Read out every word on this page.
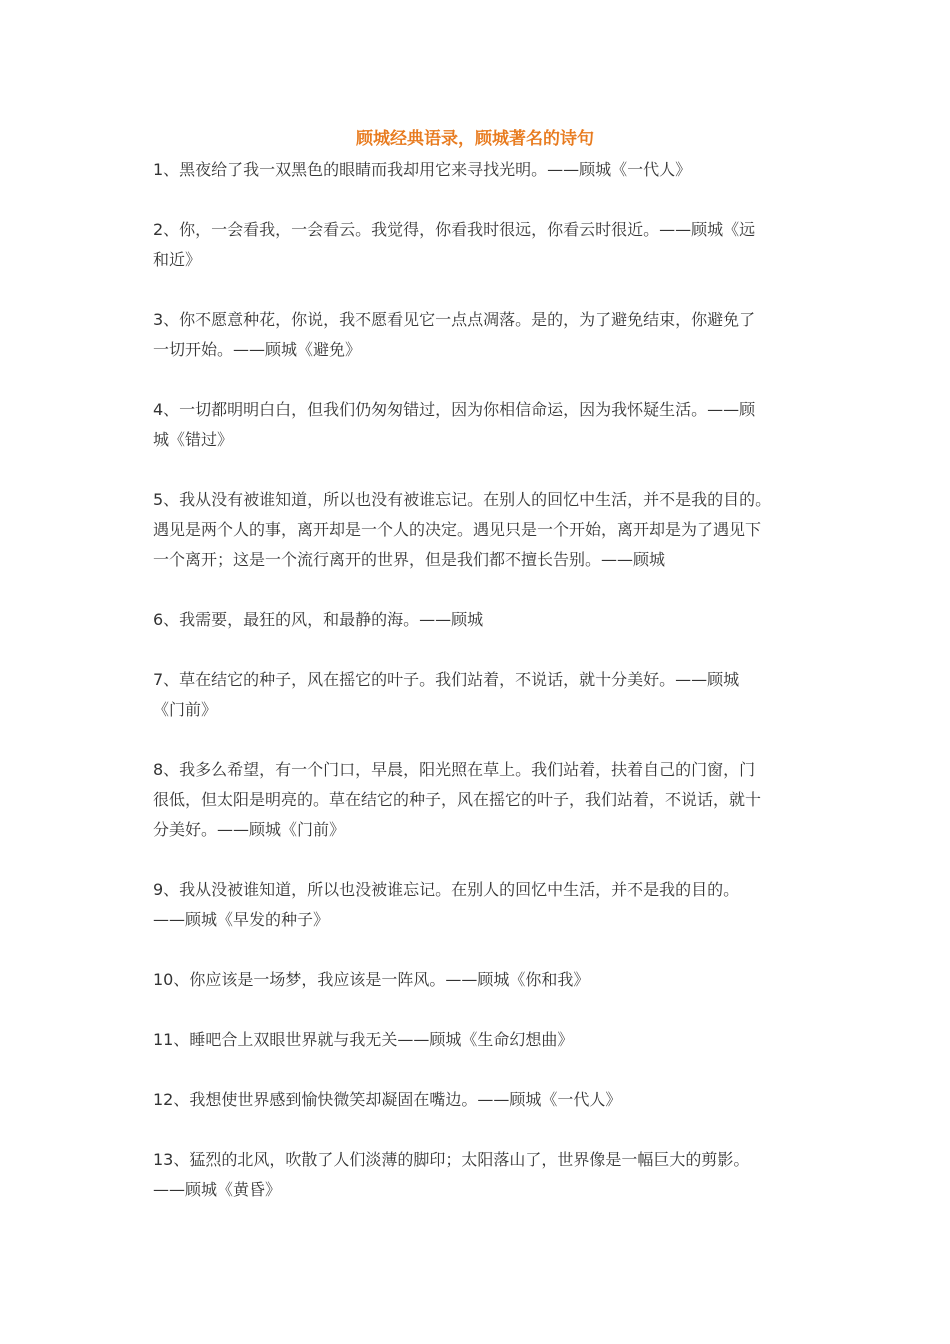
顾城经典语录，顾城著名的诗句
1、黑夜给了我一双黑色的眼睛而我却用它来寻找光明。——顾城《一代人》
2、你，一会看我，一会看云。我觉得，你看我时很远，你看云时很近。——顾城《远
和近》
3、你不愿意种花，你说，我不愿看见它一点点凋落。是的，为了避免结束，你避免了
一切开始。——顾城《避免》
4、一切都明明白白，但我们仍匆匆错过，因为你相信命运，因为我怀疑生活。——顾
城《错过》
5、我从没有被谁知道，所以也没有被谁忘记。在别人的回忆中生活，并不是我的目的。
遇见是两个人的事，离开却是一个人的决定。遇见只是一个开始，离开却是为了遇见下
一个离开；这是一个流行离开的世界，但是我们都不擅长告别。——顾城
6、我需要，最狂的风，和最静的海。——顾城
7、草在结它的种子，风在摇它的叶子。我们站着，不说话，就十分美好。——顾城
《门前》
8、我多么希望，有一个门口，早晨，阳光照在草上。我们站着，扶着自己的门窗，门
很低，但太阳是明亮的。草在结它的种子，风在摇它的叶子，我们站着，不说话，就十
分美好。——顾城《门前》
9、我从没被谁知道，所以也没被谁忘记。在别人的回忆中生活，并不是我的目的。
——顾城《早发的种子》
10、你应该是一场梦，我应该是一阵风。——顾城《你和我》
11、睡吧合上双眼世界就与我无关——顾城《生命幻想曲》
12、我想使世界感到愉快微笑却凝固在嘴边。——顾城《一代人》
13、猛烈的北风，吹散了人们淡薄的脚印；太阳落山了，世界像是一幅巨大的剪影。
——顾城《黄昏》
